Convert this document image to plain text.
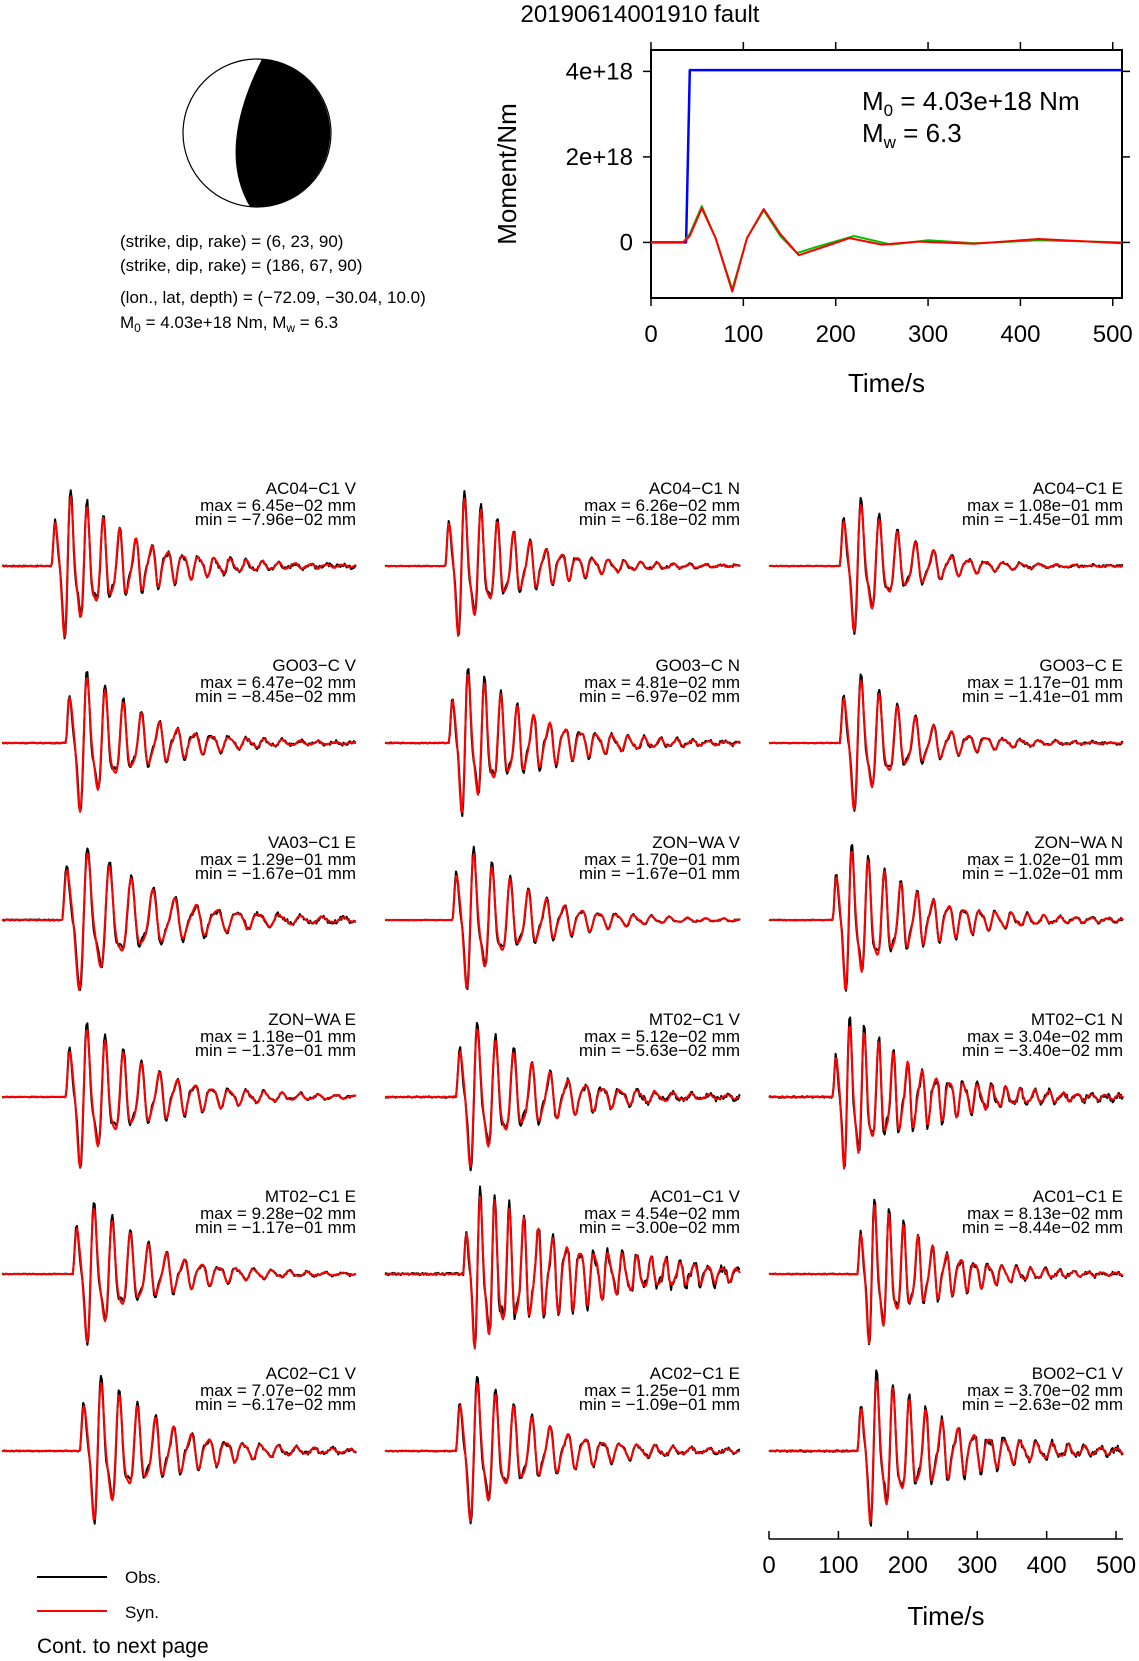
20190614001910 fault
(strike, dip, rake) = (6, 23, 90)
(strike, dip, rake) = (186, 67, 90)
(lon., lat, depth) = (−72.09, −30.04, 10.0)
$M_0 = 4.03e+18$ Nm, $M_w = 6.3$	0	100 200 300 400 500
0
2e+18
4e+18
Time/s
Moment/Nm
$M_0 = 4.03e+18$ Nm
$M_w = 6.3$
AC04−C1 V
max = 6.45e−02 mm
min = −7.96e−02 mm
AC04−C1 N
max = 6.26e−02 mm
min = −6.18e−02 mm
AC04−C1 E
max = 1.08e−01 mm
min = −1.45e−01 mm
GO03−C V
max = 6.47e−02 mm
min = −8.45e−02 mm
GO03−C N
max = 4.81e−02 mm
min = −6.97e−02 mm
GO03−C E
max = 1.17e−01 mm
min = −1.41e−01 mm
VA03−C1 E
max = 1.29e−01 mm
min = −1.67e−01 mm
ZON−WA V
max = 1.70e−01 mm
min = −1.67e−01 mm
ZON−WA N
max = 1.02e−01 mm
min = −1.02e−01 mm
ZON−WA E
max = 1.18e−01 mm
min = −1.37e−01 mm
MT02−C1 V
max = 5.12e−02 mm
min = −5.63e−02 mm
MT02−C1 N
max = 3.04e−02 mm
min = −3.40e−02 mm
MT02−C1 E
max = 9.28e−02 mm
min = −1.17e−01 mm
AC01−C1 V
max = 4.54e−02 mm
min = −3.00e−02 mm
AC01−C1 E
max = 8.13e−02 mm
min = −8.44e−02 mm
AC02−C1 V
max = 7.07e−02 mm
min = −6.17e−02 mm
AC02−C1 E
max = 1.25e−01 mm
min = −1.09e−01 mm
BO02−C1 V
max = 3.70e−02 mm
min = −2.63e−02 mm
0 100 200 300 400 500
Time/s
Obs.
Syn.
Cont. to next page
